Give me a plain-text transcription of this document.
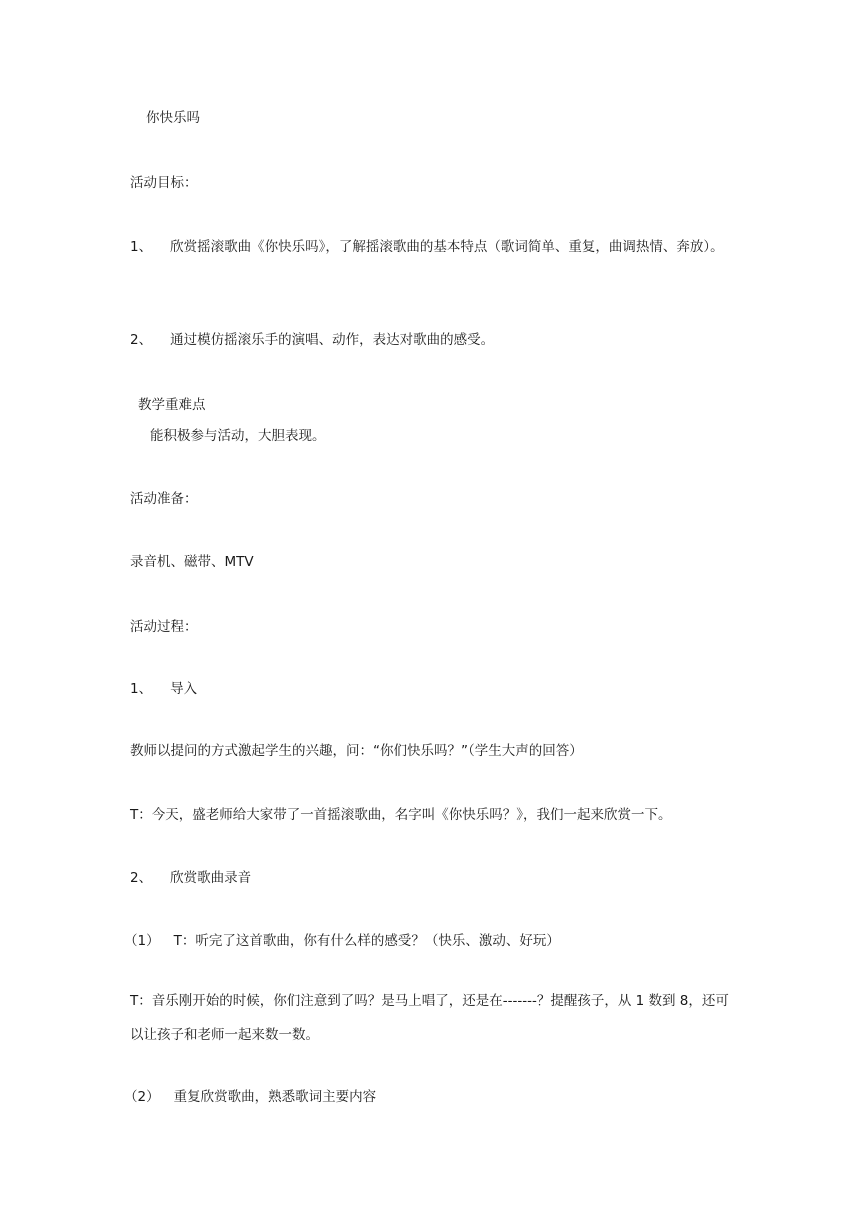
你快乐吗
活动目标：
1、 欣赏摇滚歌曲《你快乐吗》，了解摇滚歌曲的基本特点（歌词简单、重复，曲调热情、奔放）。
2、 通过模仿摇滚乐手的演唱、动作，表达对歌曲的感受。
教学重难点
能积极参与活动，大胆表现。
活动准备：
录音机、磁带、MTV
活动过程：
1、 导入
教师以提问的方式激起学生的兴趣，问：“你们快乐吗？”（学生大声的回答）
T：今天，盛老师给大家带了一首摇滚歌曲，名字叫《你快乐吗？》，我们一起来欣赏一下。
2、 欣赏歌曲录音
（1） T：听完了这首歌曲，你有什么样的感受？（快乐、激动、好玩）
T：音乐刚开始的时候，你们注意到了吗？是马上唱了，还是在-------？提醒孩子，从 1 数到 8，还可以让孩子和老师一起来数一数。
（2） 重复欣赏歌曲，熟悉歌词主要内容
